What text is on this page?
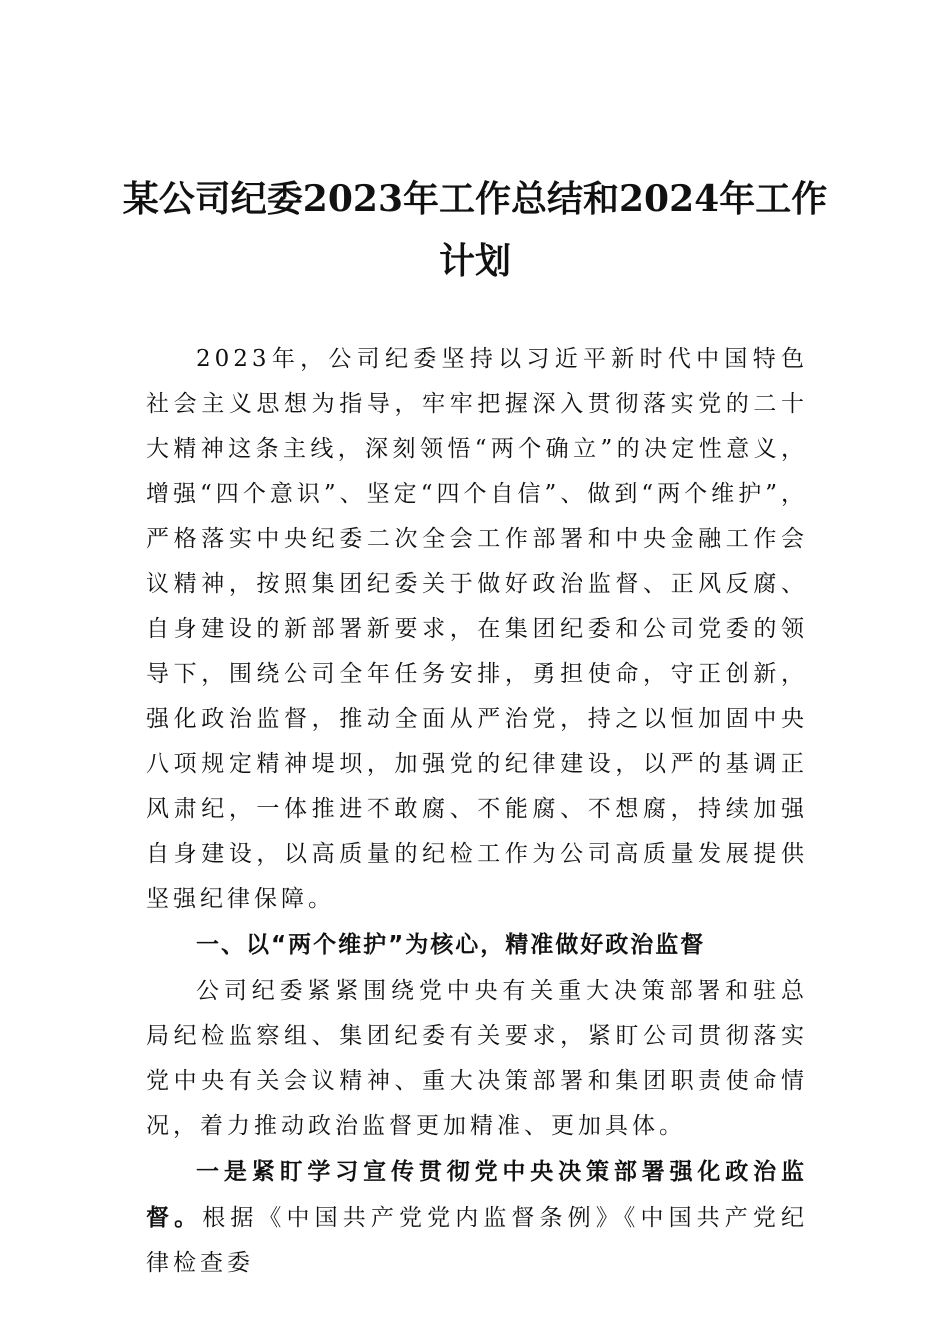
某公司纪委2023年工作总结和2024年工作计划

2023年，公司纪委坚持以习近平新时代中国特色社会主义思想为指导，牢牢把握深入贯彻落实党的二十大精神这条主线，深刻领悟“两个确立”的决定性意义，增强“四个意识”、坚定“四个自信”、做到“两个维护”，严格落实中央纪委二次全会工作部署和中央金融工作会议精神，按照集团纪委关于做好政治监督、正风反腐、自身建设的新部署新要求，在集团纪委和公司党委的领导下，围绕公司全年任务安排，勇担使命，守正创新，强化政治监督，推动全面从严治党，持之以恒加固中央八项规定精神堤坝，加强党的纪律建设，以严的基调正风肃纪，一体推进不敢腐、不能腐、不想腐，持续加强自身建设，以高质量的纪检工作为公司高质量发展提供坚强纪律保障。

一、以“两个维护”为核心，精准做好政治监督

公司纪委紧紧围绕党中央有关重大决策部署和驻总局纪检监察组、集团纪委有关要求，紧盯公司贯彻落实党中央有关会议精神、重大决策部署和集团职责使命情况，着力推动政治监督更加精准、更加具体。

一是紧盯学习宣传贯彻党中央决策部署强化政治监督。根据《中国共产党党内监督条例》《中国共产党纪律检查委
